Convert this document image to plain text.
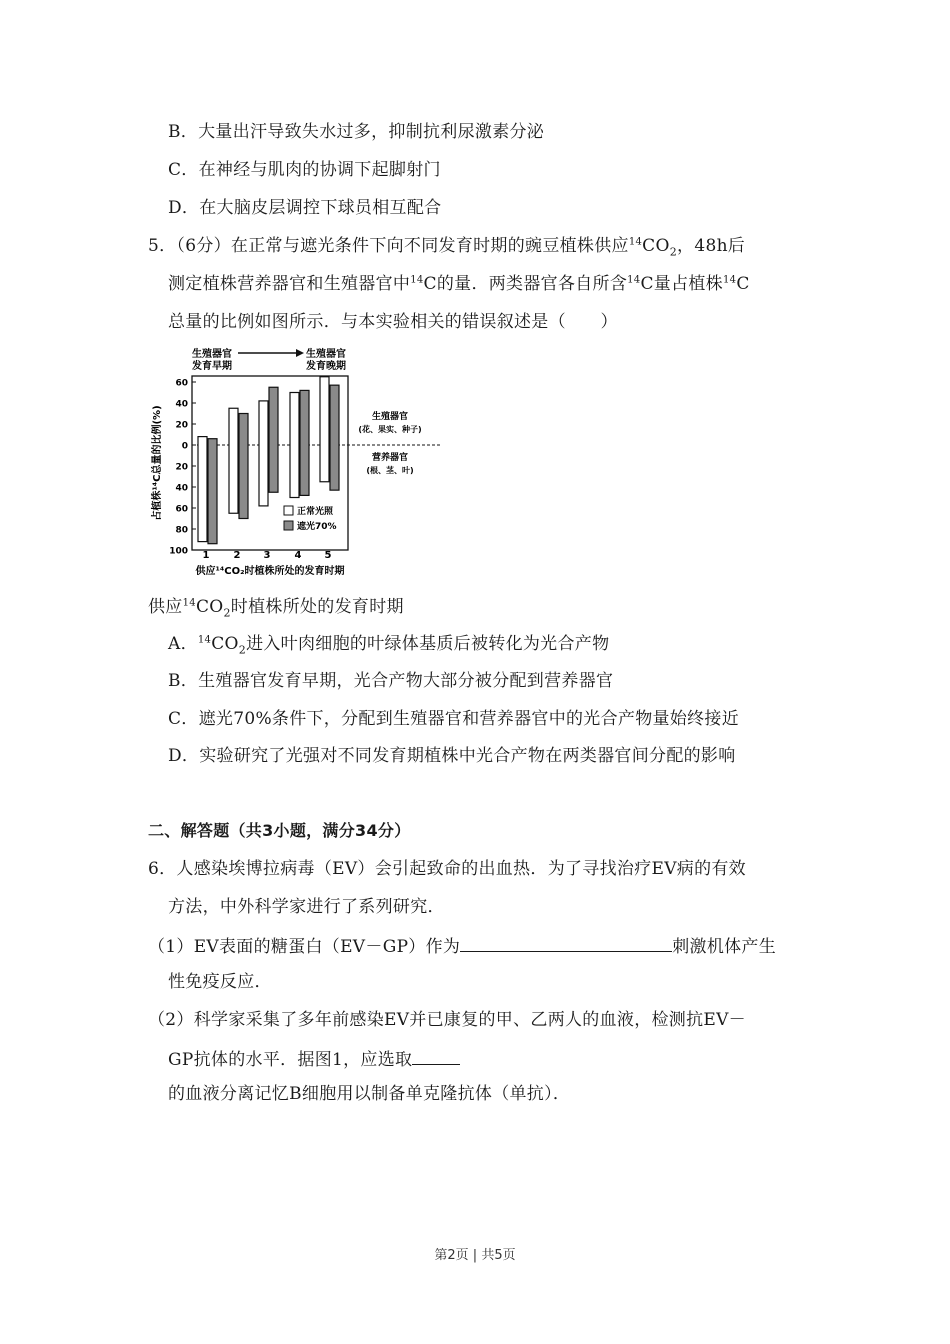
B．大量出汗导致失水过多，抑制抗利尿激素分泌
C．在神经与肌肉的协调下起脚射门
D．在大脑皮层调控下球员相互配合
5．（6分）在正常与遮光条件下向不同发育时期的豌豆植株供应$^{14}CO_2$，48h后
测定植株营养器官和生殖器官中$^{14}$C的量．两类器官各自所含$^{14}$C量占植株$^{14}$C
总量的比例如图所示．与本实验相关的错误叙述是（　　）
生殖器官发育早期
生殖器官发育晚期
60
40
20
0
20
40
60
80
100 1 2 3 4 5
占植株¹⁴C总量的比例(%)	生殖器官
(花、果实、种子)
营养器官
(根、茎、叶)
正常光照
遮光70%
供应¹⁴CO₂时植株所处的发育时期
供应$^{14}CO_2$时植株所处的发育时期
A．$^{14}CO_2$进入叶肉细胞的叶绿体基质后被转化为光合产物
B．生殖器官发育早期，光合产物大部分被分配到营养器官
C．遮光70%条件下，分配到生殖器官和营养器官中的光合产物量始终接近
D．实验研究了光强对不同发育期植株中光合产物在两类器官间分配的影响
二、解答题（共3小题，满分34分）
6．人感染埃博拉病毒（EV）会引起致命的出血热．为了寻找治疗EV病的有效
方法，中外科学家进行了系列研究．
（1）EV表面的糖蛋白（EV－GP）作为	刺激机体产生
性免疫反应．
（2）科学家采集了多年前感染EV并已康复的甲、乙两人的血液，检测抗EV－
GP抗体的水平．据图1，应选取
的血液分离记忆B细胞用以制备单克隆抗体（单抗）．
第2页 | 共5页
